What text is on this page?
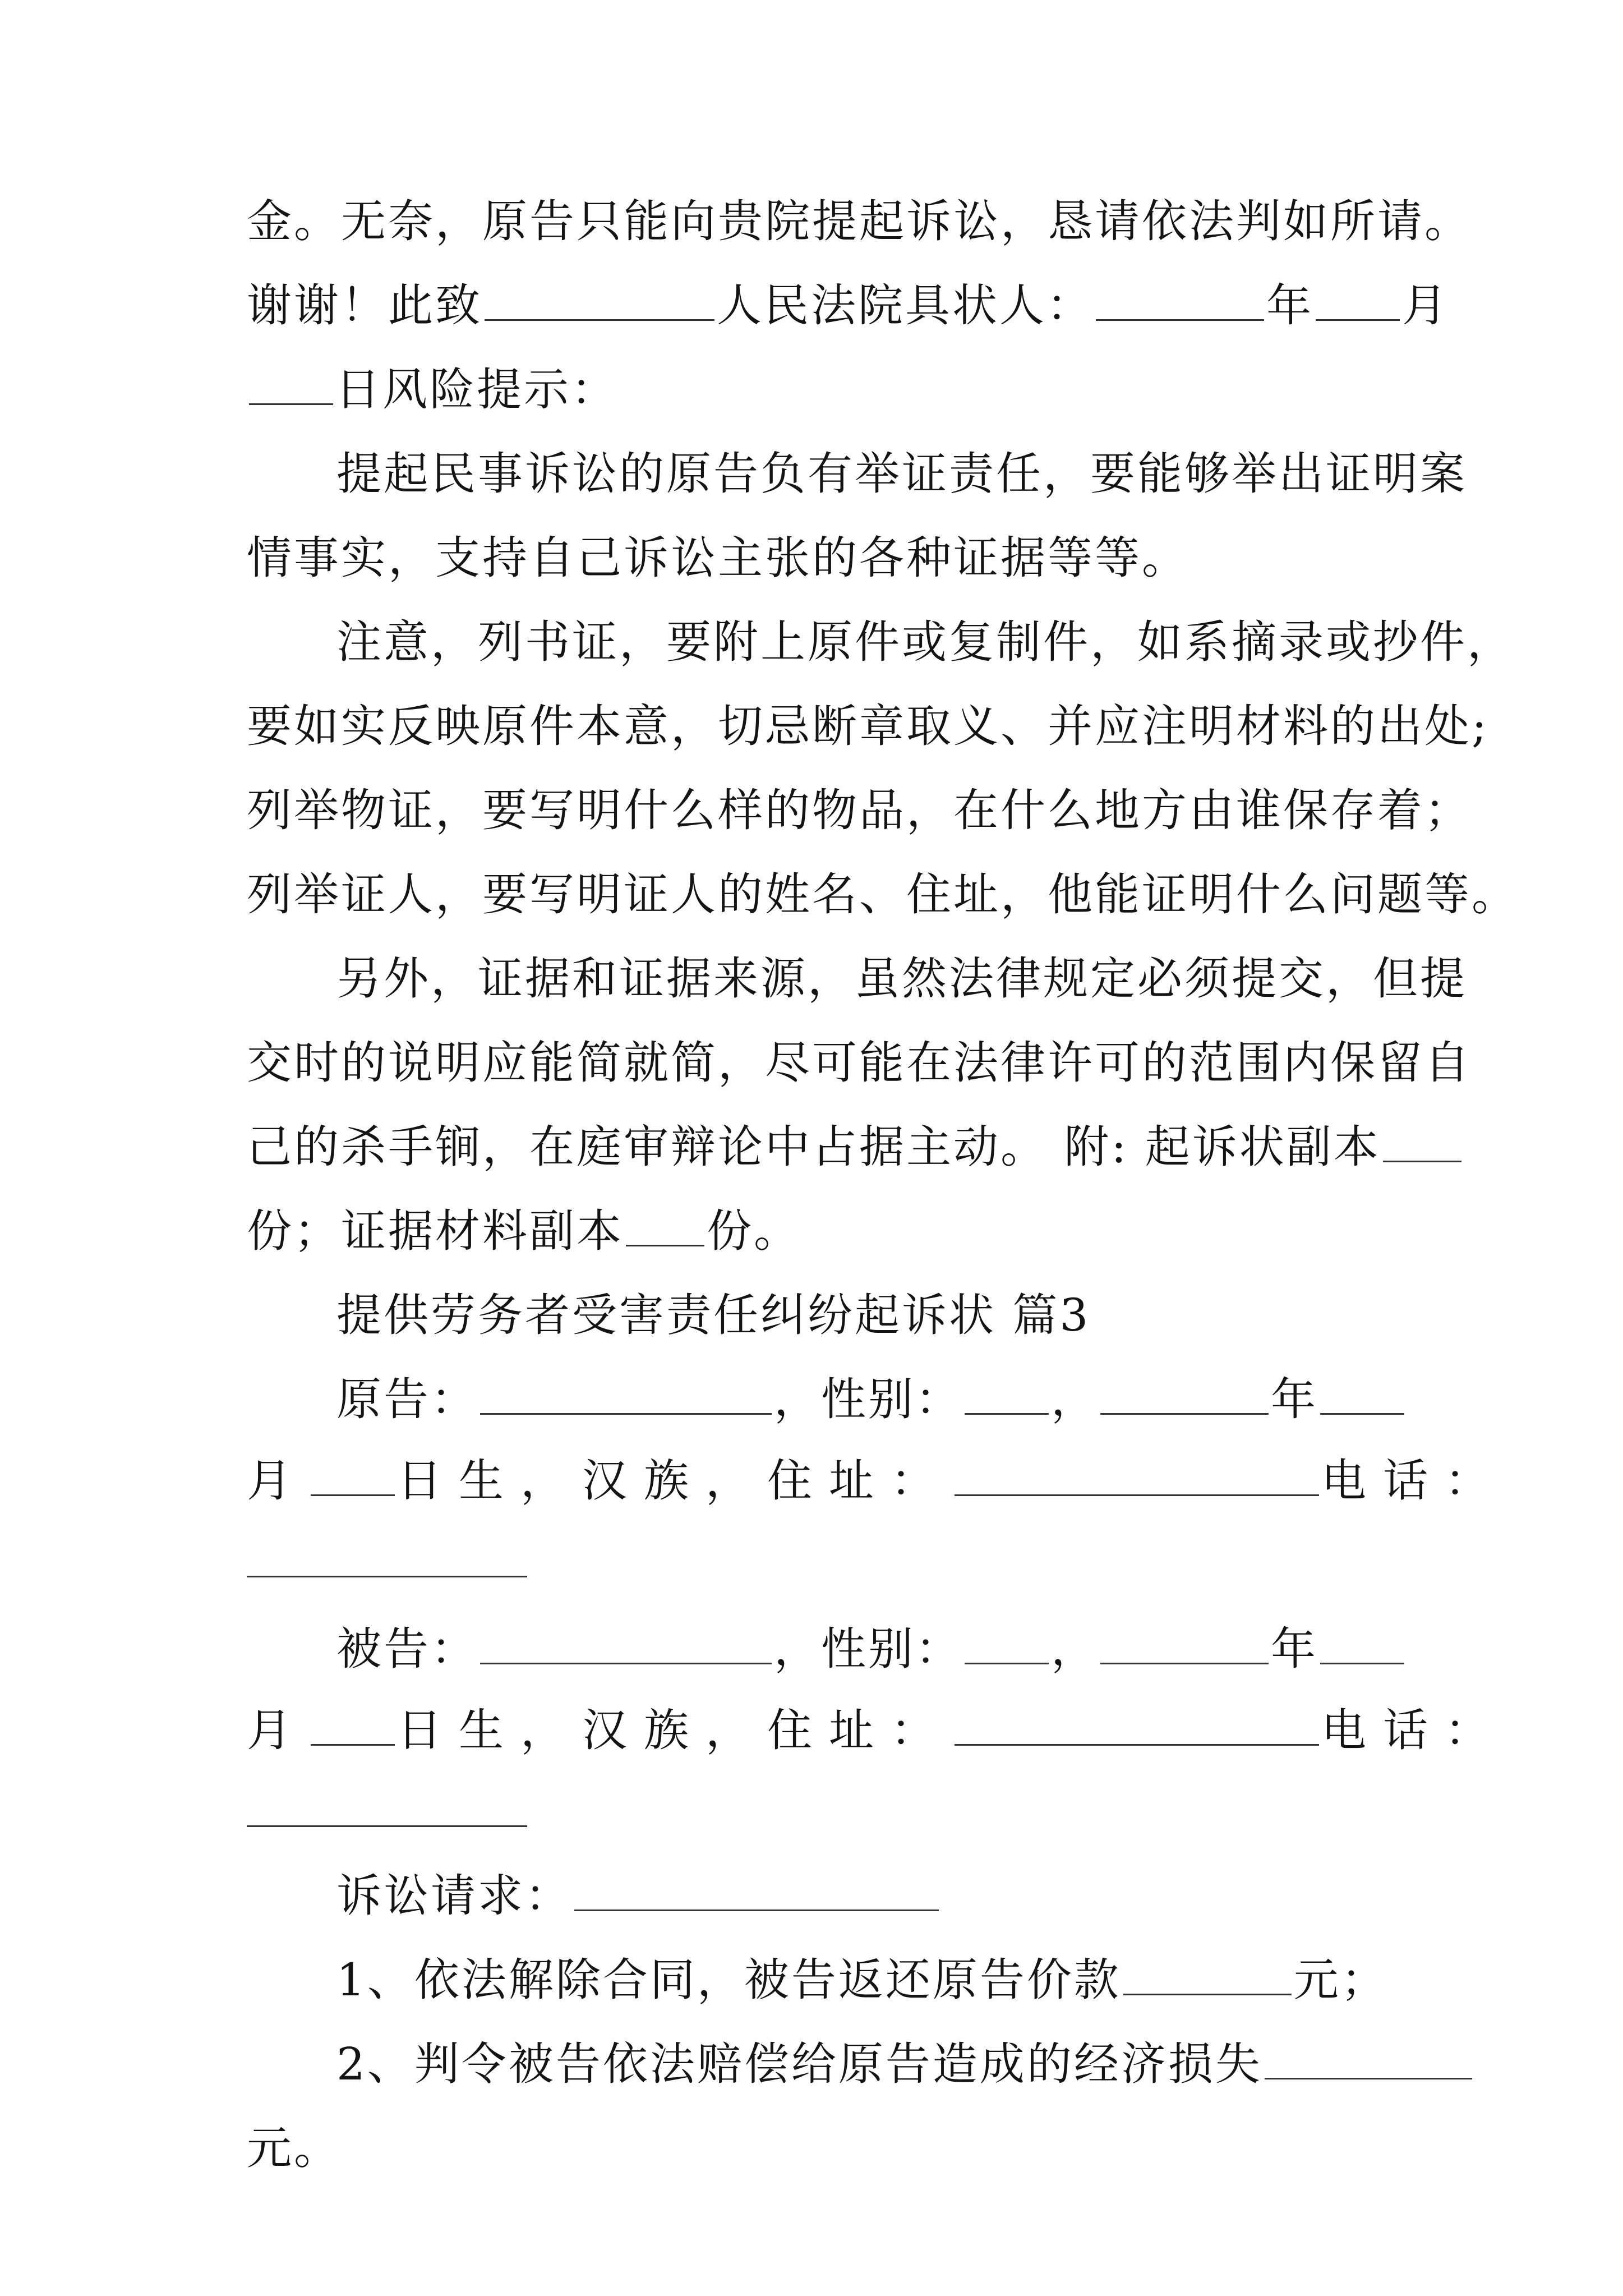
金。无奈，原告只能向贵院提起诉讼，恳请依法判如所请。
谢谢！此致	人民法院具状人：	年 月
日风险提示：
提起民事诉讼的原告负有举证责任，要能够举出证明案
情事实，支持自己诉讼主张的各种证据等等。
注意，列书证，要附上原件或复制件，如系摘录或抄件，
要如实反映原件本意，切忌断章取义、并应注明材料的出处;
列举物证，要写明什么样的物品，在什么地方由谁保存着；
列举证人，要写明证人的姓名、住址，他能证明什么问题等。
另外，证据和证据来源，虽然法律规定必须提交，但提
交时的说明应能简就简，尽可能在法律许可的范围内保留自
己的杀手锏，在庭审辩论中占据主动。 附: 起诉状副本
份；证据材料副本 份。
提供劳务者受害责任纠纷起诉状 篇3
原告：	，性别： ，	年
月 日生，汉族，住址：	电话：
被告：	，性别： ，	年
月 日生，汉族，住址：	电话：
诉讼请求：
1、依法解除合同，被告返还原告价款	元；
2、判令被告依法赔偿给原告造成的经济损失
元。
